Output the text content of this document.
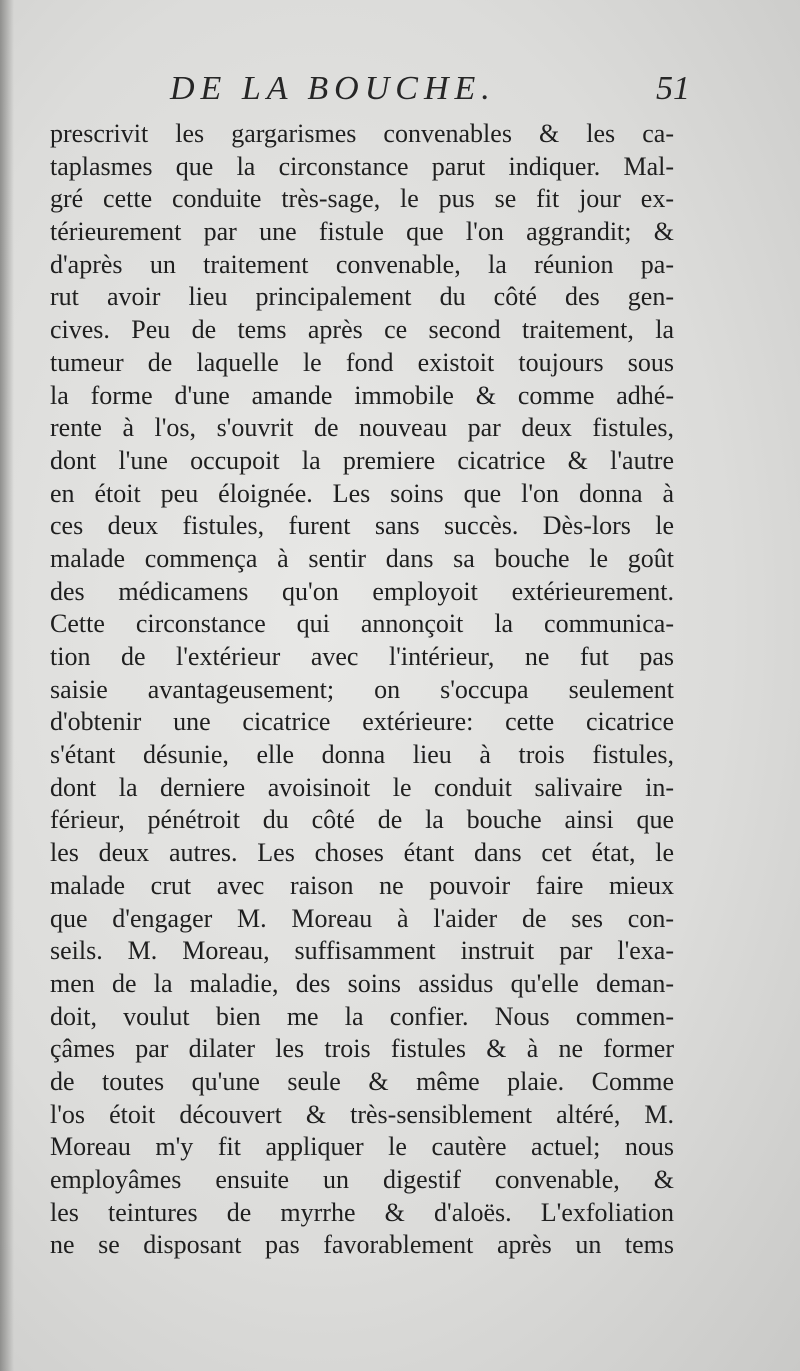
DE LA BOUCHE.	51
prescrivit les gargarismes convenables & les ca-
taplasmes que la circonstance parut indiquer. Mal-
gré cette conduite très-sage, le pus se fit jour ex-
térieurement par une fistule que l'on aggrandit; &
d'après un traitement convenable, la réunion pa-
rut avoir lieu principalement du côté des gen-
cives. Peu de tems après ce second traitement, la
tumeur de laquelle le fond existoit toujours sous
la forme d'une amande immobile & comme adhé-
rente à l'os, s'ouvrit de nouveau par deux fistules,
dont l'une occupoit la premiere cicatrice & l'autre
en étoit peu éloignée. Les soins que l'on donna à
ces deux fistules, furent sans succès. Dès-lors le
malade commença à sentir dans sa bouche le goût
des médicamens qu'on employoit extérieurement.
Cette circonstance qui annonçoit la communica-
tion de l'extérieur avec l'intérieur, ne fut pas
saisie avantageusement; on s'occupa seulement
d'obtenir une cicatrice extérieure: cette cicatrice
s'étant désunie, elle donna lieu à trois fistules,
dont la derniere avoisinoit le conduit salivaire in-
férieur, pénétroit du côté de la bouche ainsi que
les deux autres. Les choses étant dans cet état, le
malade crut avec raison ne pouvoir faire mieux
que d'engager M. Moreau à l'aider de ses con-
seils. M. Moreau, suffisamment instruit par l'exa-
men de la maladie, des soins assidus qu'elle deman-
doit, voulut bien me la confier. Nous commen-
çâmes par dilater les trois fistules & à ne former
de toutes qu'une seule & même plaie. Comme
l'os étoit découvert & très-sensiblement altéré, M.
Moreau m'y fit appliquer le cautère actuel; nous
employâmes ensuite un digestif convenable, &
les teintures de myrrhe & d'aloës. L'exfoliation
ne se disposant pas favorablement après un tems
